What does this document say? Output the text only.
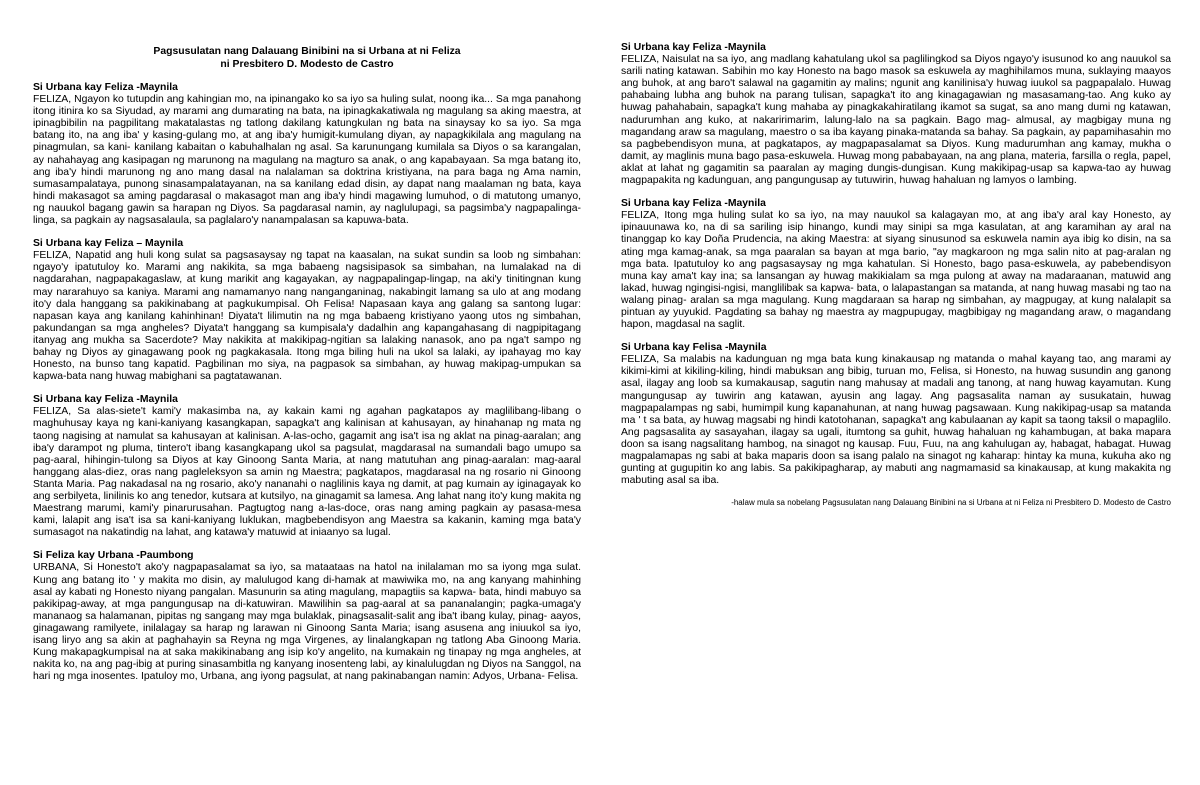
Pagsusulatan nang Dalauang Binibini na si Urbana at ni Feliza
ni Presbitero D. Modesto de Castro
Si Urbana kay Feliza -Maynila

FELIZA, Ngayon ko tutupdin ang kahingian mo, na ipinangako ko sa iyo sa huling sulat, noong ika... Sa mga panahong itong itinira ko sa Siyudad, ay marami ang dumarating na bata, na ipinagkakatiwala ng magulang sa aking maestra, at ipinagbibilin na pagpilitang makatalastas ng tatlong dakilang katungkulan ng bata na sinaysay ko sa iyo. Sa mga batang ito, na ang iba' y kasing-gulang mo, at ang iba'y humigit-kumulang diyan, ay napagkikilala ang magulang na pinagmulan, sa kani- kanilang kabaitan o kabuhalhalan ng asal. Sa karunungang kumilala sa Diyos o sa karangalan, ay nahahayag ang kasipagan ng marunong na magulang na magturo sa anak, o ang kapabayaan. Sa mga batang ito, ang iba'y hindi marunong ng ano mang dasal na nalalaman sa doktrina kristiyana, na para baga ng Ama namin, sumasampalataya, punong sinasampalatayanan, na sa kanilang edad disin, ay dapat nang maalaman ng bata, kaya hindi makasagot sa aming pagdarasal o makasagot man ang iba'y hindi magawing lumuhod, o di matutong umanyo, ng nauukol bagang gawin sa harapan ng Diyos. Sa pagdarasal namin, ay naglulupagi, sa pagsimba'y nagpapalinga-linga, sa pagkain ay nagsasalaula, sa paglalaro'y nanampalasan sa kapuwa-bata.

Si Urbana kay Feliza – Maynila

FELIZA, Napatid ang huli kong sulat sa pagsasaysay ng tapat na kaasalan, na sukat sundin sa loob ng simbahan: ngayo'y ipatutuloy ko. Marami ang nakikita, sa mga babaeng nagsisipasok sa simbahan, na lumalakad na di nagdarahan, nagpapakagaslaw, at kung marikit ang kagayakan, ay nagpapalingap-lingap, na aki'y tinitingnan kung may nararahuyo sa kaniya. Marami ang namamanyo nang nanganganinag, nakabingit lamang sa ulo at ang modang ito'y dala hanggang sa pakikinabang at pagkukumpisal. Oh Felisa! Napasaan kaya ang galang sa santong lugar: napasan kaya ang kanilang kahinhinan! Diyata't lilimutin na ng mga babaeng kristiyano yaong utos ng simbahan, pakundangan sa mga angheles? Diyata't hanggang sa kumpisala'y dadalhin ang kapangahasang di nagpipitagang itanyag ang mukha sa Sacerdote? May nakikita at makikipag-ngitian sa lalaking nanasok, ano pa nga't sampo ng bahay ng Diyos ay ginagawang pook ng pagkakasala. Itong mga biling huli na ukol sa lalaki, ay ipahayag mo kay Honesto, na bunso tang kapatid. Pagbilinan mo siya, na pagpasok sa simbahan, ay huwag makipag-umpukan sa kapwa-bata nang huwag mabighani sa pagtatawanan.

Si Urbana kay Feliza -Maynila

FELIZA, Sa alas-siete't kami'y makasimba na, ay kakain kami ng agahan pagkatapos ay maglilibang-libang o maghuhusay kaya ng kani-kaniyang kasangkapan, sapagka't ang kalinisan at kahusayan, ay hinahanap ng mata ng taong nagising at namulat sa kahusayan at kalinisan. A-las-ocho, gagamit ang isa't isa ng aklat na pinag-aaralan; ang iba'y darampot ng pluma, tintero't ibang kasangkapang ukol sa pagsulat, magdarasal na sumandali bago umupo sa pag-aaral, hihingin-tulong sa Diyos at kay Ginoong Santa Maria, at nang matutuhan ang pinag-aaralan: mag-aaral hanggang alas-diez, oras nang pagleleksyon sa amin ng Maestra; pagkatapos, magdarasal na ng rosario ni Ginoong Stanta Maria. Pag nakadasal na ng rosario, ako'y nananahi o naglilinis kaya ng damit, at pag kumain ay iginagayak ko ang serbilyeta, linilinis ko ang tenedor, kutsara at kutsilyo, na ginagamit sa lamesa. Ang lahat nang ito'y kung makita ng Maestrang marumi, kami'y pinarurusahan. Pagtugtog nang a-las-doce, oras nang aming pagkain ay pasasa-mesa kami, lalapit ang isa't isa sa kani-kaniyang luklukan, magbebendisyon ang Maestra sa kakanin, kaming mga bata'y sumasagot na nakatindig na lahat, ang katawa'y matuwid at iniaanyo sa lugal.

Si Feliza kay Urbana -Paumbong

URBANA, Si Honesto't ako'y nagpapasalamat sa iyo, sa mataataas na hatol na inilalaman mo sa iyong mga sulat. Kung ang batang ito ' y makita mo disin, ay malulugod kang di-hamak at mawiwika mo, na ang kanyang mahinhing asal ay kabati ng Honesto niyang pangalan. Masunurin sa ating magulang, mapagtiis sa kapwa- bata, hindi mabuyo sa pakikipag-away, at mga pangungusap na di-katuwiran. Mawilihin sa pag-aaral at sa pananalangin; pagka-umaga'y mananaog sa halamanan, pipitas ng sangang may mga bulaklak, pinagsasalit-salit ang iba't ibang kulay, pinag- aayos, ginagawang ramilyete, inilalagay sa harap ng larawan ni Ginoong Santa Maria; isang asusena ang iniuukol sa iyo, isang liryo ang sa akin at paghahayin sa Reyna ng mga Virgenes, ay linalangkapan ng tatlong Aba Ginoong Maria. Kung makapagkumpisal na at saka makikinabang ang isip ko'y angelito, na kumakain ng tinapay ng mga angheles, at nakita ko, na ang pag-ibig at puring sinasambitla ng kanyang inosenteng labi, ay kinalulugdan ng Diyos na Sanggol, na hari ng mga inosentes. Ipatuloy mo, Urbana, ang iyong pagsulat, at nang pakinabangan namin: Adyos, Urbana- Felisa.

Si Urbana kay Feliza -Maynila

FELIZA, Naisulat na sa iyo, ang madlang kahatulang ukol sa paglilingkod sa Diyos ngayo'y isusunod ko ang nauukol sa sarili nating katawan. Sabihin mo kay Honesto na bago masok sa eskuwela ay maghihilamos muna, suklaying maayos ang buhok, at ang baro't salawal na gagamitin ay malins; ngunit ang kanilinisa'y huwag iuukol sa pagpapalalo. Huwag pahabaing lubha ang buhok na parang tulisan, sapagka't ito ang kinagagawian ng masasamang-tao. Ang kuko ay huwag pahahabain, sapagka't kung mahaba ay pinagkakahiratilang ikamot sa sugat, sa ano mang dumi ng katawan, nadurumhan ang kuko, at nakaririmarim, lalung-lalo na sa pagkain. Bago mag- almusal, ay magbigay muna ng magandang araw sa magulang, maestro o sa iba kayang pinaka-matanda sa bahay. Sa pagkain, ay papamihasahin mo sa pagbebendisyon muna, at pagkatapos, ay magpapasalamat sa Diyos. Kung madurumhan ang kamay, mukha o damit, ay maglinis muna bago pasa-eskuwela. Huwag mong pababayaan, na ang plana, materia, farsilla o regla, papel, aklat at lahat ng gagamitin sa paaralan ay maging dungis-dungisan. Kung makikipag-usap sa kapwa-tao ay huwag magpapakita ng kadunguan, ang pangungusap ay tutuwirin, huwag hahaluan ng lamyos o lambing.

Si Urbana kay Feliza -Maynila

FELIZA, Itong mga huling sulat ko sa iyo, na may nauukol sa kalagayan mo, at ang iba'y aral kay Honesto, ay ipinauunawa ko, na di sa sariling isip hinango, kundi may sinipi sa mga kasulatan, at ang karamihan ay aral na tinanggap ko kay Doña Prudencia, na aking Maestra: at siyang sinusunod sa eskuwela namin aya ibig ko disin, na sa ating mga kamag-anak, sa mga paaralan sa bayan at mga bario, "ay magkaroon ng mga salin nito at pag-aralan ng mga bata. Ipatutuloy ko ang pagsasaysay ng mga kahatulan. Si Honesto, bago pasa-eskuwela, ay pabebendisyon muna kay ama't kay ina; sa lansangan ay huwag makikialam sa mga pulong at away na madaraanan, matuwid ang lakad, huwag ngingisi-ngisi, manglilibak sa kapwa- bata, o lalapastangan sa matanda, at nang huwag masabi ng tao na walang pinag- aralan sa mga magulang. Kung magdaraan sa harap ng simbahan, ay magpugay, at kung nalalapit sa pintuan ay yuyukid. Pagdating sa bahay ng maestra ay magpupugay, magbibigay ng magandang araw, o magandang hapon, magdasal na saglit.

Si Urbana kay Felisa -Maynila

FELIZA, Sa malabis na kadunguan ng mga bata kung kinakausap ng matanda o mahal kayang tao, ang marami ay kikimi-kimi at kikiling-kiling, hindi mabuksan ang bibig, turuan mo, Felisa, si Honesto, na huwag susundin ang ganong asal, ilagay ang loob sa kumakausap, sagutin nang mahusay at madali ang tanong, at nang huwag kayamutan. Kung mangungusap ay tuwirin ang katawan, ayusin ang lagay. Ang pagsasalita naman ay susukatain, huwag magpapalampas ng sabi, humimpil kung kapanahunan, at nang huwag pagsawaan. Kung nakikipag-usap sa matanda ma ' t sa bata, ay huwag magsabi ng hindi katotohanan, sapagka't ang kabulaanan ay kapit sa taong taksil o mapaglilo. Ang pagsasalita ay sasayahan, ilagay sa ugali, itumtong sa guhit, huwag hahaluan ng kahambugan, at baka mapara doon sa isang nagsalitang hambog, na sinagot ng kausap. Fuu, Fuu, na ang kahulugan ay, habagat, habagat. Huwag magpalamapas ng sabi at baka maparis doon sa isang palalo na sinagot ng kaharap: hintay ka muna, kukuha ako ng gunting at gugupitin ko ang labis. Sa pakikipagharap, ay mabuti ang nagmamasid sa kinakausap, at kung makakita ng mabuting asal sa iba.

-halaw mula sa nobelang Pagsusulatan nang Dalauang Binibini na si Urbana at ni Feliza ni Presbitero D. Modesto de Castro
